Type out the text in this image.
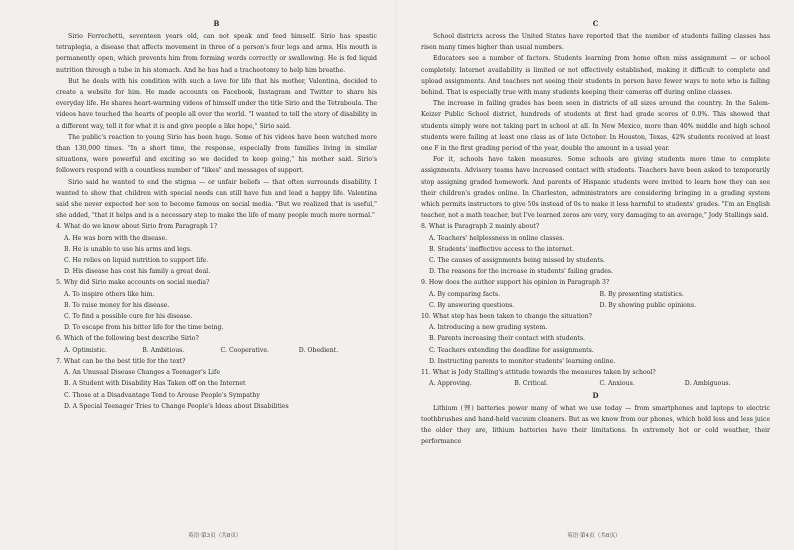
B

Sirio Ferrechetti, seventeen years old, can not speak and feed himself. Sirio has spastic tetraplegia, a disease that affects movement in three of a person's four legs and arms. His mouth is permanently open, which prevents him from forming words correctly or swallowing. He is fed liquid nutrition through a tube in his stomach. And he has had a tracheotomy to help him breathe.

But he deals with his condition with such a love for life that his mother, Valentina, decided to create a website for him. He made accounts on Facebook, Instagram and Twitter to share his everyday life. He shares heart-warming videos of himself under the title Sirio and the Tetraboula. The videos have touched the hearts of people all over the world. "I wanted to tell the story of disability in a different way, tell it for what it is and give people a like hope," Sirio said.

The public's reaction to young Sirio has been huge. Some of his videos have been watched more than 130,000 times. "In a short time, the response, especially from families living in similar situations, were powerful and exciting so we decided to keep going," his mother said. Sirio's followers respond with a countless number of "likes" and messages of support.

Sirio said he wanted to end the stigma — or unfair beliefs — that often surrounds disability. I wanted to show that children with special needs can still have fun and lead a happy life. Valentina said she never expected her son to become famous on social media. "But we realized that is useful," she added, "that it helps and is a necessary step to make the life of many people much more normal."

4. What do we know about Sirio from Paragraph 1?
A. He was born with the disease.
B. He is unable to use his arms and legs.
C. He relies on liquid nutrition to support life.
D. His disease has cost his family a great deal.
5. Why did Sirio make accounts on social media?
A. To inspire others like him.
B. To raise money for his disease.
C. To find a possible cure for his disease.
D. To escape from his bitter life for the time being.
6. Which of the following best describe Sirio?
A. Optimistic.	B. Ambitious.	C. Cooperative.	D. Obedient.
7. What can be the best title for the text?
A. An Unusual Disease Changes a Teenager's Life
B. A Student with Disability Has Taken off on the Internet
C. Those at a Disadvantage Tend to Arouse People's Sympathy
D. A Special Teenager Tries to Change People's Ideas about Disabilities
英语·第3页（共8页）
C

School districts across the United States have reported that the number of students failing classes has risen many times higher than usual numbers.

Educators see a number of factors. Students learning from home often miss assignment — or school completely. Internet availability is limited or not effectively established, making it difficult to complete and upload assignments. And teachers not seeing their students in person have fewer ways to note who is falling behind. That is especially true with many students keeping their cameras off during online classes.

The increase in failing grades has been seen in districts of all sizes around the country. In the Salem-Keizer Public School district, hundreds of students at first had grade scores of 0.0%. This showed that students simply were not taking part in school at all. In New Mexico, more than 40% middle and high school students were failing at least one class as of late October. In Houston, Texas, 42% students received at least one F in the first grading period of the year, double the amount in a usual year.

For it, schools have taken measures. Some schools are giving students more time to complete assignments. Advisory teams have increased contact with students. Teachers have been asked to temporarily stop assigning graded homework. And parents of Hispanic students were invited to learn how they can see their children's grades online. In Charleston, administrators are considering bringing in a grading system which permits instructors to give 50s instead of 0s to make it less harmful to students' grades. "I'm an English teacher, not a math teacher, but I've learned zeros are very, very damaging to an average," Jody Stallings said.

8. What is Paragraph 2 mainly about?
A. Teachers' helplessness in online classes.
B. Students' ineffective access to the internet.
C. The causes of assignments being missed by students.
D. The reasons for the increase in students' failing grades.
9. How does the author support his opinion in Paragraph 3?
A. By comparing facts.	B. By presenting statistics.
C. By answering questions.	D. By showing public opinions.
10. What step has been taken to change the situation?
A. Introducing a new grading system.
B. Parents increasing their contact with students.
C. Teachers extending the deadline for assignments.
D. Instructing parents to monitor students' learning online.
11. What is Jody Stalling's attitude towards the measures taken by school?
A. Approving.	B. Critical.	C. Anxious.	D. Ambiguous.
D

Lithium (锂) batteries power many of what we use today — from smartphones and laptops to electric toothbrushes and hand-held vacuum cleaners. But as we know from our phones, which hold less and less juice the older they are, lithium batteries have their limitations. In extremely hot or cold weather, their performance

英语·第4页（共8页）
